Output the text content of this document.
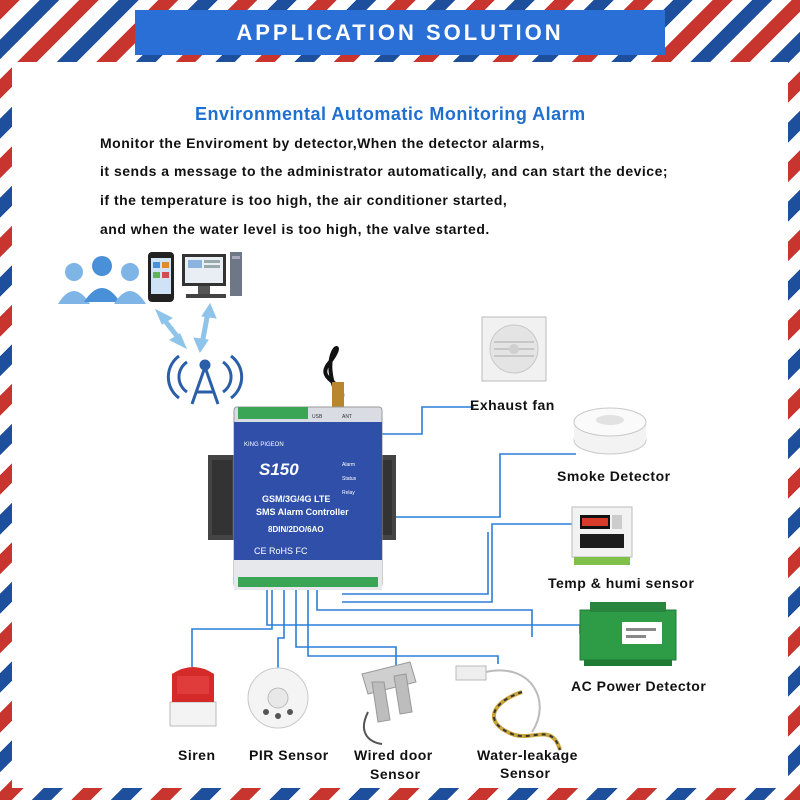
APPLICATION SOLUTION
Environmental Automatic Monitoring Alarm
Monitor the Enviroment by detector,When the detector alarms,
it sends a message to the administrator automatically, and can start the device;
if the temperature is too high, the air conditioner started,
and when the water level is too high, the valve started.
KING PIGEON
S150
GSM/3G/4G LTE
SMS Alarm Controller
8DIN/2DO/6AO
CE RoHS FC
Alarm
Status
Relay
USB	ANT
Exhaust fan
Smoke Detector
Temp & humi sensor
AC Power Detector
Siren PIR Sensor Wired door
Sensor
Water-leakage
Sensor
